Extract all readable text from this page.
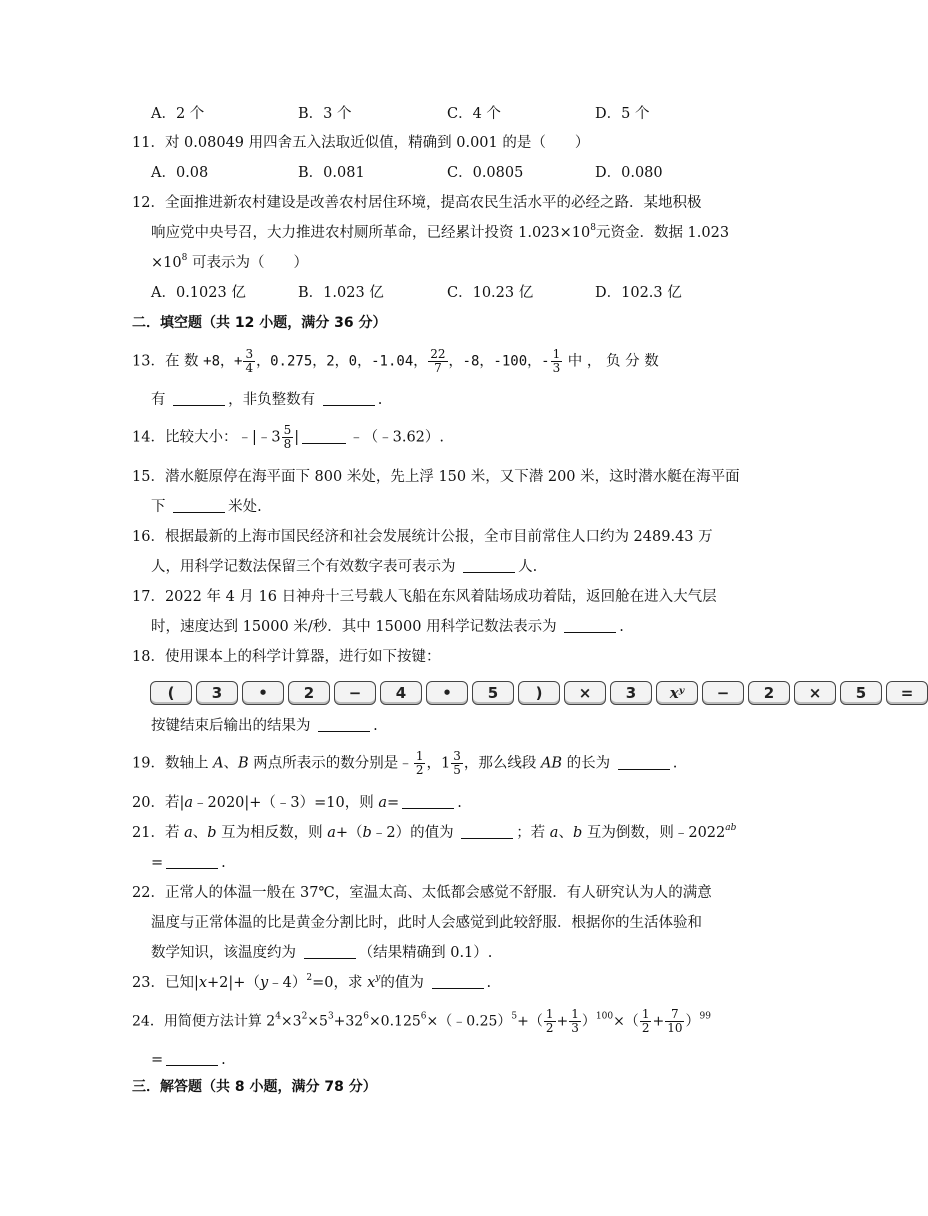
A．2 个	B．3 个	C．4 个	D．5 个
11．对 0.08049 用四舍五入法取近似值，精确到 0.001 的是（　　）
A．0.08	B．0.081	C．0.0805	D．0.080
12．全面推进新农村建设是改善农村居住环境，提高农民生活水平的必经之路．某地积极
响应党中央号召，大力推进农村厕所革命，已经累计投资 $1.023\times 10^8$元资金．数据 1.023
$\times 10^8$ 可表示为（　　）
A．0.1023 亿	B．1.023 亿	C．10.23 亿	D．102.3 亿
二．填空题（共 12 小题，满分 36 分）
13．在 数 +8，+ $\frac{3}{4}$ ，0.275，2，0，-1.04， $\frac{22}{7}$ ，-8，-100，- $\frac{1}{3}$ 中 ， 负 分 数
有	，非负整数有	.
14．比较大小：﹣|﹣3 $\frac{5}{8}$ |	﹣（﹣3.62）.
15．潜水艇原停在海平面下 800 米处，先上浮 150 米，又下潜 200 米，这时潜水艇在海平面
下	米处.
16．根据最新的上海市国民经济和社会发展统计公报，全市目前常住人口约为 2489.43 万
人，用科学记数法保留三个有效数字表可表示为	人.
17．2022 年 4 月 16 日神舟十三号载人飞船在东风着陆场成功着陆，返回舱在进入大气层
时，速度达到 15000 米/秒．其中 15000 用科学记数法表示为	.
18．使用课本上的科学计算器，进行如下按键：
(	3	•	2	−	4	•	5	)	×	3	xʸ	−	2	×	5	=
按键结束后输出的结果为	.
19．数轴上 A、B 两点所表示的数分别是﹣ $\frac{1}{2}$ ，$1 \frac{3}{5}$ ，那么线段 AB 的长为	.
20．若|a﹣2020|+（﹣3）=10，则 a=	.
21．若 a、b 互为相反数，则 a+（b﹣2）的值为	；若 a、b 互为倒数，则$﹣2022^{ab}$
=	.
22．正常人的体温一般在 37℃，室温太高、太低都会感觉不舒服．有人研究认为人的满意
温度与正常体温的比是黄金分割比时，此时人会感觉到此较舒服．根据你的生活体验和
数学知识，该温度约为	（结果精确到 0.1）.
23．已知|x+2|+（y﹣4）$^2$=0，求 $x^y$的值为	.
24．用简便方法计算 $2^4\times 3^2\times 5^3+32^6\times 0.125^6\times(﹣0.25)^5+( \frac{1}{2} + \frac{1}{3} )^{100}\times( \frac{1}{2} + \frac{7}{10} )^{99}$
=	.
三．解答题（共 8 小题，满分 78 分）
